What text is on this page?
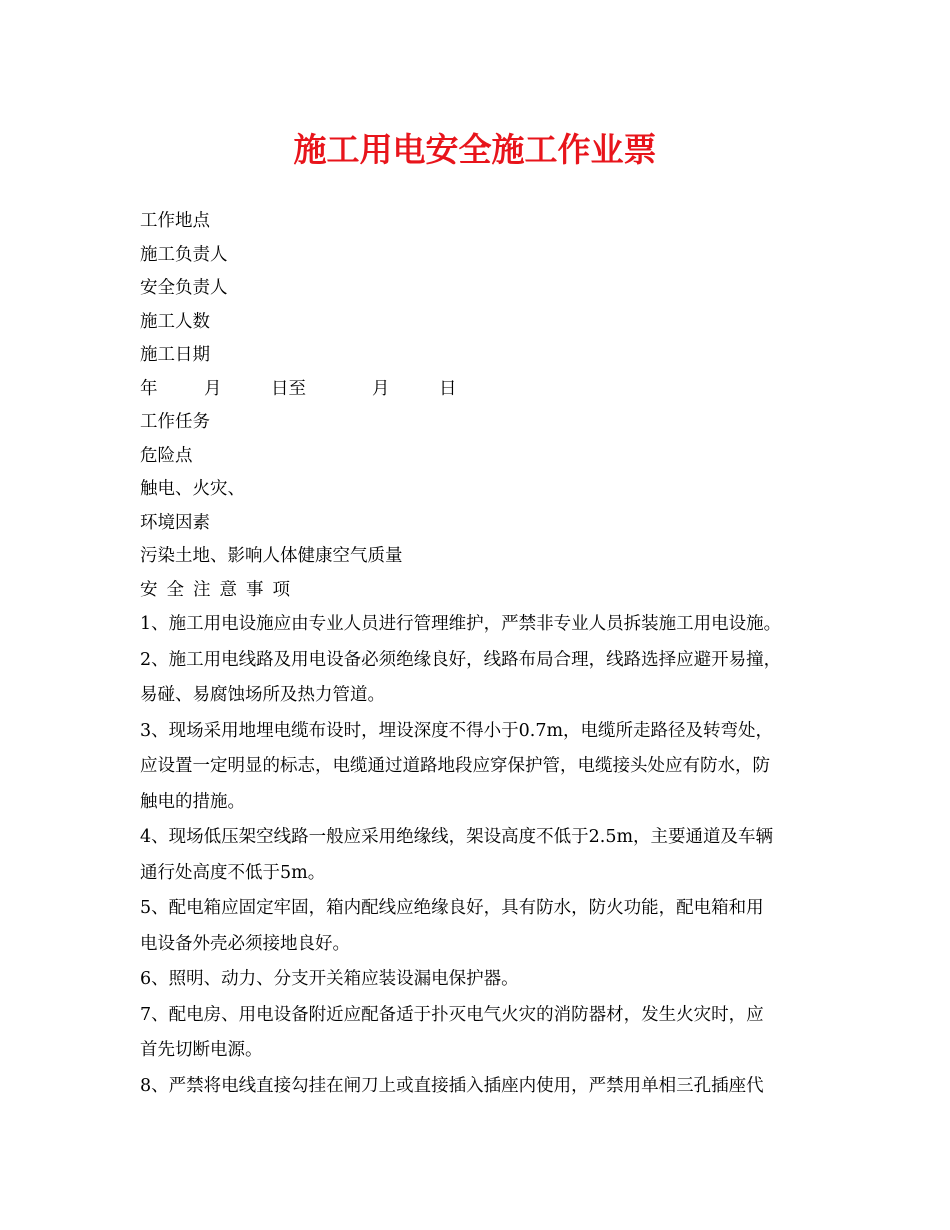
施工用电安全施工作业票
工作地点
施工负责人
安全负责人
施工人数
施工日期
年	月	日至	月	日
工作任务
危险点
触电、火灾、
环境因素
污染土地、影响人体健康空气质量
安全注意事项
1、施工用电设施应由专业人员进行管理维护，严禁非专业人员拆装施工用电设施。
2、施工用电线路及用电设备必须绝缘良好，线路布局合理，线路选择应避开易撞，
易碰、易腐蚀场所及热力管道。
3、现场采用地埋电缆布设时，埋设深度不得小于0.7m，电缆所走路径及转弯处，
应设置一定明显的标志，电缆通过道路地段应穿保护管，电缆接头处应有防水，防
触电的措施。
4、现场低压架空线路一般应采用绝缘线，架设高度不低于2.5m，主要通道及车辆
通行处高度不低于5m。
5、配电箱应固定牢固，箱内配线应绝缘良好，具有防水，防火功能，配电箱和用
电设备外壳必须接地良好。
6、照明、动力、分支开关箱应装设漏电保护器。
7、配电房、用电设备附近应配备适于扑灭电气火灾的消防器材，发生火灾时，应
首先切断电源。
8、严禁将电线直接勾挂在闸刀上或直接插入插座内使用，严禁用单相三孔插座代
